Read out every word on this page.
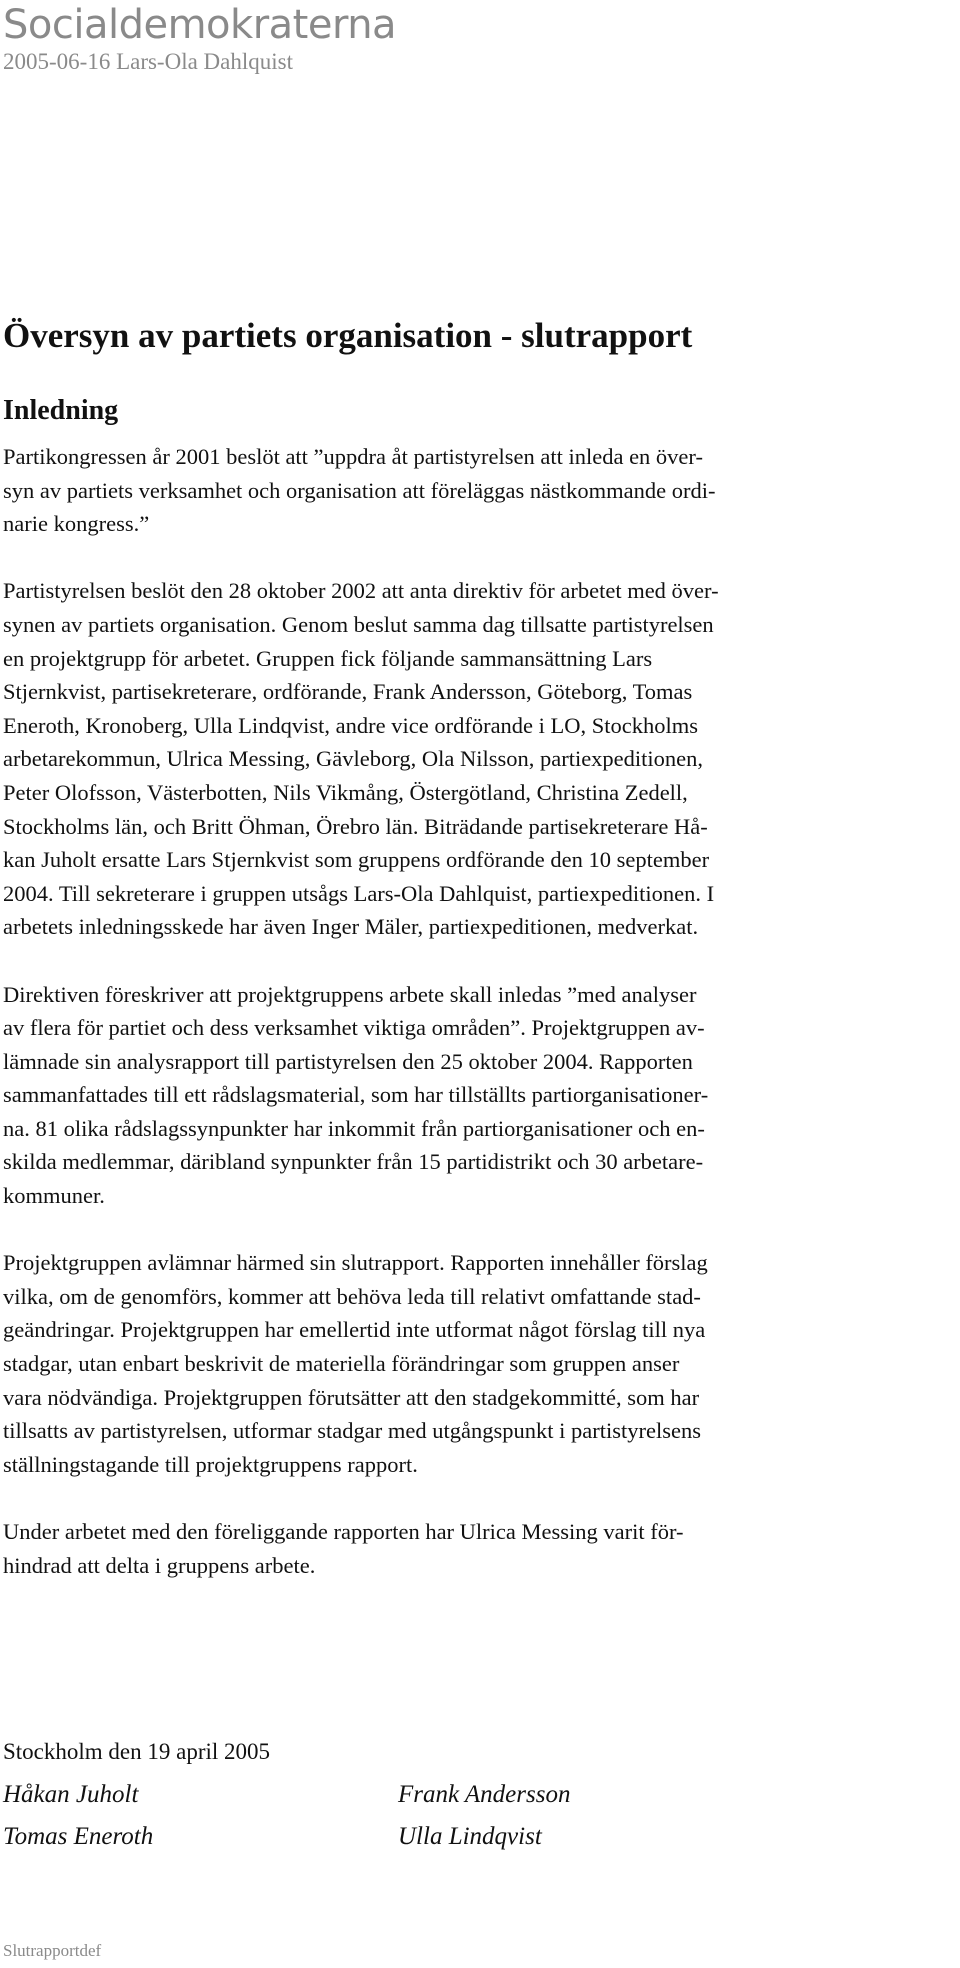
Socialdemokraterna
2005-06-16 Lars-Ola Dahlquist
Översyn av partiets organisation - slutrapport
Inledning

Partikongressen år 2001 beslöt att ”uppdra åt partistyrelsen att inleda en över-
syn av partiets verksamhet och organisation att föreläggas nästkommande ordi-
narie kongress.”

Partistyrelsen beslöt den 28 oktober 2002 att anta direktiv för arbetet med över-
synen av partiets organisation. Genom beslut samma dag tillsatte partistyrelsen
en projektgrupp för arbetet. Gruppen fick följande sammansättning Lars
Stjernkvist, partisekreterare, ordförande, Frank Andersson, Göteborg, Tomas
Eneroth, Kronoberg, Ulla Lindqvist, andre vice ordförande i LO, Stockholms
arbetarekommun, Ulrica Messing, Gävleborg, Ola Nilsson, partiexpeditionen,
Peter Olofsson, Västerbotten, Nils Vikmång, Östergötland, Christina Zedell,
Stockholms län, och Britt Öhman, Örebro län. Biträdande partisekreterare Hå-
kan Juholt ersatte Lars Stjernkvist som gruppens ordförande den 10 september
2004. Till sekreterare i gruppen utsågs Lars-Ola Dahlquist, partiexpeditionen. I
arbetets inledningsskede har även Inger Mäler, partiexpeditionen, medverkat.

Direktiven föreskriver att projektgruppens arbete skall inledas ”med analyser
av flera för partiet och dess verksamhet viktiga områden”. Projektgruppen av-
lämnade sin analysrapport till partistyrelsen den 25 oktober 2004. Rapporten
sammanfattades till ett rådslagsmaterial, som har tillställts partiorganisationer-
na. 81 olika rådslagssynpunkter har inkommit från partiorganisationer och en-
skilda medlemmar, däribland synpunkter från 15 partidistrikt och 30 arbetare-
kommuner.

Projektgruppen avlämnar härmed sin slutrapport. Rapporten innehåller förslag
vilka, om de genomförs, kommer att behöva leda till relativt omfattande stad-
geändringar. Projektgruppen har emellertid inte utformat något förslag till nya
stadgar, utan enbart beskrivit de materiella förändringar som gruppen anser
vara nödvändiga. Projektgruppen förutsätter att den stadgekommitté, som har
tillsatts av partistyrelsen, utformar stadgar med utgångspunkt i partistyrelsens
ställningstagande till projektgruppens rapport.

Under arbetet med den föreliggande rapporten har Ulrica Messing varit för-
hindrad att delta i gruppens arbete.

Stockholm den 19 april 2005
Håkan Juholt	Frank Andersson
Tomas Eneroth	Ulla Lindqvist
Slutrapportdef
